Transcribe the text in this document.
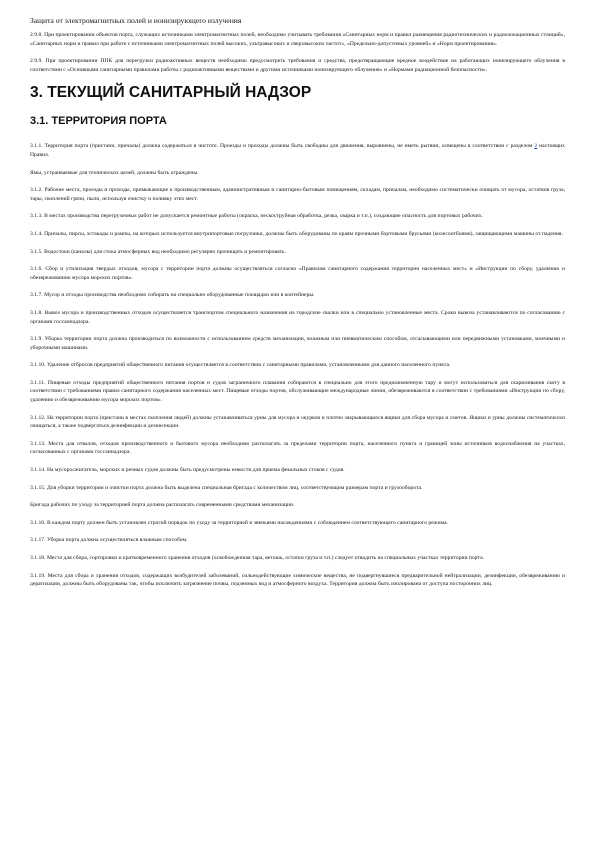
Защита от электромагнитных полей и ионизирующего излучения
2.9.8. При проектировании объектов порта, служащих источниками электромагнитных полей, необходимо учитывать требования «Санитарных норм и правил размещения радиотехнических и радиолокационных станций», «Санитарных норм и правил при работе с источниками электромагнитных полей высоких, ультравысоких и сверхвысоких частот», «Предельно-допустимых уровней» и «Норм проектирования».
2.9.9. При проектировании ППК для перегрузки радиоактивных веществ необходимо предусмотреть требования и средства, предотвращающие вредное воздействие на работающих ионизирующего облучения в соответствии с «Основными санитарными правилами работы с радиоактивными веществами и другими источниками ионизирующего облучения» и «Нормами радиационной безопасности».
3. ТЕКУЩИЙ САНИТАРНЫЙ НАДЗОР
3.1. ТЕРРИТОРИЯ ПОРТА
3.1.1. Территория порта (пристани, причалы) должна содержаться в чистоте. Проезды и проходы должны быть свободны для движения, выровнены, не иметь рытвин, освещены в соответствии с разделом 2 настоящих Правил.
Ямы, устраиваемые для технических целей, должны быть ограждены.
3.1.2. Рабочие места, проезды и проходы, примыкающие к производственным, административным и санитарно-бытовым помещениям, складам, причалам, необходимо систематически очищать от мусора, остатков груза, тары, скоплений грязи, пыли, используя очистку и поливку этих мест.
3.1.3. В местах производства перегрузочных работ не допускается ремонтные работы (окраска, пескоструйная обработка, резка, сварка и т.п.), создающие опасность для портовых рабочих.
3.1.4. Причалы, пирсы, эстакады и рампы, на которых используется внутрипортовые погрузчики, должны быть оборудованы по краям прочными бортовыми брусьями (колесоотбоями), защищающими машины от падения.
3.1.5. Водостоки (каналы) для стока атмосферных вод необходимо регулярно прочищать и ремонтировать.
3.1.6. Сбор и утилизация твердых отходов, мусора с территории порта должны осуществляться согласно «Правилам санитарного содержания территории населенных мест» и «Инструкции по сбору, удалению и обезвреживанию мусора морских портов».
3.1.7. Мусор и отходы производства необходимо собирать на специально оборудованные площадки или в контейнеры.
3.1.8. Вывоз мусора и производственных отходов осуществляется транспортом специального назначения на городские свалки или в специально установленные места. Сроки вывоза устанавливаются по согласованию с органами госсаннадзора.
3.1.9. Уборка территории порта должна производиться по возможности с использованием средств механизации, влажным или пневматическим способом, отсасывающими или передвижными установками, моечными и уборочными машинами.
3.1.10. Удаление отбросов предприятий общественного питания осуществляется в соответствии с санитарными правилами, установленными для данного населенного пункта.
3.1.11. Пищевые отходы предприятий общественного питания портов и судов заграничного плавания собираются в специально для этого предназначенную тару и могут использоваться для скармливания скоту в соответствии с требованиями правил санитарного содержания населенных мест. Пищевые отходы портов, обслуживающие международные линии, обезвреживаются в соответствии с требованиями «Инструкции по сбору, удалению и обезвреживанию мусора морских портов».
3.1.12. На территории порта (пристани в местах скопления людей) должны устанавливаться урны для мусора и окурков и плотно закрывающиеся ящики для сбора мусора и сметов. Ящики и урны должны систематически очищаться, а также подвергаться дезинфекции и дезинсекции.
3.1.13. Места для отвалов, отходов производственного и бытового мусора необходимо располагать за пределами территории порта, населенного пункта и границей зоны источников водоснабжения на участках, согласованных с органами госсаннадзора.
3.1.14. На мусоросжигатель, морских и речных судов должны быть предусмотрены емкости для приема фекальных стоков с судов.
3.1.15. Для уборки территории и очистки порта должна быть выделена специальная бригада с количеством лиц, соответствующим размерам порта и грузооборота.
Бригада рабочих по уходу за территорией порта должна располагать современными средствами механизации.
3.1.16. В каждом порту должен быть установлен строгий порядок по уходу за территорией и звеньями насаждениями с соблюдением соответствующего санитарного режима.
3.1.17. Уборка порта должна осуществляться влажным способом.
3.1.18. Места для сбора, сортировки и кратковременного хранения отходов (освобожденная тара, ветошь, остатки груза и т.п.) следует отводить на специальных участках территории порта.
3.1.19. Места для сбора и хранения отходов, содержащих возбудителей заболеваний, сильнодействующие химические вещества, не подвергнувшиеся предварительной нейтрализации, дезинфекции, обезвреживанию и дератизации, должны быть оборудованы так, чтобы исключить загрязнение почвы, подземных вод и атмосферного воздуха. Территория должна быть изолирована от доступа посторонних лиц.
